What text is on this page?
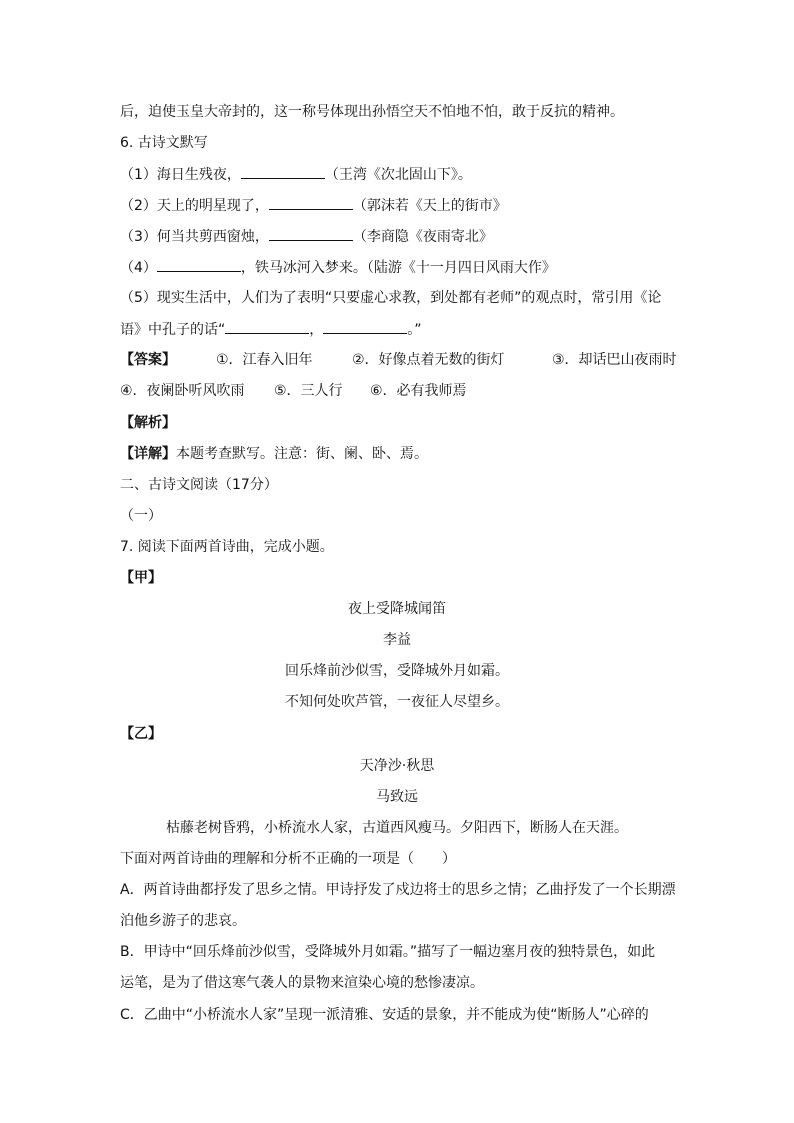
后，迫使玉皇大帝封的，这一称号体现出孙悟空天不怕地不怕，敢于反抗的精神。
6. 古诗文默写
（1）海日生残夜，	（王湾《次北固山下》。
（2）天上的明星现了，	（郭沫若《天上的街市》
（3）何当共剪西窗烛，	（李商隐《夜雨寄北》
（4）	，铁马冰河入梦来。（陆游《十一月四日风雨大作》
（5）现实生活中，人们为了表明“只要虚心求教，到处都有老师”的观点时，常引用《论
语》中孔子的话“	，	。”
【答案】	①．江春入旧年	②．好像点着无数的街灯	③．却话巴山夜雨时
④．夜阑卧听风吹雨 ⑤．三人行 ⑥．必有我师焉
【解析】
【详解】本题考查默写。注意：街、阑、卧、焉。
二、古诗文阅读（17分）
（一）
7. 阅读下面两首诗曲，完成小题。
【甲】
夜上受降城闻笛
李益
回乐烽前沙似雪，受降城外月如霜。
不知何处吹芦管，一夜征人尽望乡。
【乙】
天净沙·秋思
马致远
枯藤老树昏鸦，小桥流水人家，古道西风瘦马。夕阳西下，断肠人在天涯。
下面对两首诗曲的理解和分析不正确的一项是（　　）
A．两首诗曲都抒发了思乡之情。甲诗抒发了戍边将士的思乡之情；乙曲抒发了一个长期漂
泊他乡游子的悲哀。
B．甲诗中“回乐烽前沙似雪，受降城外月如霜。”描写了一幅边塞月夜的独特景色，如此
运笔，是为了借这寒气袭人的景物来渲染心境的愁惨凄凉。
C．乙曲中“小桥流水人家”呈现一派清雅、安适的景象，并不能成为使“断肠人”心碎的
